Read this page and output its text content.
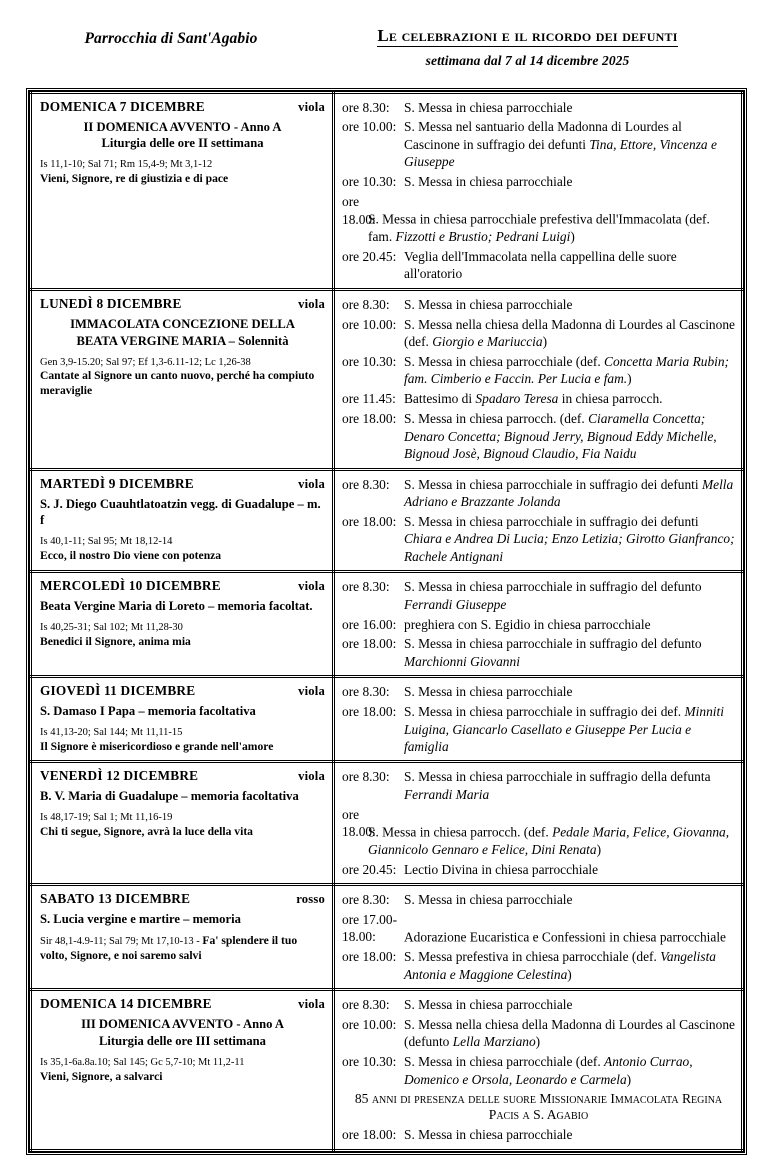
Parrocchia di Sant'Agabio	Le celebrazioni e il ricordo dei defunti
settimana dal 7 al 14 dicembre 2025
DOMENICA 7 DICEMBRE	viola
II DOMENICA AVVENTO - Anno A
Liturgia delle ore II settimana
Is 11,1-10; Sal 71; Rm 15,4-9; Mt 3,1-12
Vieni, Signore, re di giustizia e di pace

ore 8.30: S. Messa in chiesa parrocchiale
ore 10.00: S. Messa nel santuario della Madonna di Lourdes al Cascinone in suffragio dei defunti Tina, Ettore, Vincenza e Giuseppe
ore 10.30: S. Messa in chiesa parrocchiale
ore 18.00:S. Messa in chiesa parrocchiale prefestiva dell'Immacolata (def. fam. Fizzotti e Brustio; Pedrani Luigi)
ore 20.45: Veglia dell'Immacolata nella cappellina delle suore all'oratorio

LUNEDÌ 8 DICEMBRE	viola
IMMACOLATA CONCEZIONE DELLA
BEATA VERGINE MARIA – Solennità
Gen 3,9-15.20; Sal 97; Ef 1,3-6.11-12; Lc 1,26-38
Cantate al Signore un canto nuovo, perché ha compiuto meraviglie

ore 8.30: S. Messa in chiesa parrocchiale
ore 10.00: S. Messa nella chiesa della Madonna di Lourdes al Cascinone (def. Giorgio e Mariuccia)
ore 10.30: S. Messa in chiesa parrocchiale (def. Concetta Maria Rubin; fam. Cimberio e Faccin. Per Lucia e fam.)
ore 11.45: Battesimo di Spadaro Teresa in chiesa parrocch.
ore 18.00: S. Messa in chiesa parrocch. (def. Ciaramella Concetta; Denaro Concetta; Bignoud Jerry, Bignoud Eddy Michelle, Bignoud Josè, Bignoud Claudio, Fia Naidu

MARTEDÌ 9 DICEMBRE	viola
S. J. Diego Cuauhtlatoatzin vegg. di Guadalupe – m. f
Is 40,1-11; Sal 95; Mt 18,12-14
Ecco, il nostro Dio viene con potenza

ore 8.30: S. Messa in chiesa parrocchiale in suffragio dei defunti Mella Adriano e Brazzante Jolanda
ore 18.00: S. Messa in chiesa parrocchiale in suffragio dei defunti Chiara e Andrea Di Lucia; Enzo Letizia; Girotto Gianfranco; Rachele Antignani

MERCOLEDÌ 10 DICEMBRE	viola
Beata Vergine Maria di Loreto – memoria facoltat.
Is 40,25-31; Sal 102; Mt 11,28-30
Benedici il Signore, anima mia

ore 8.30: S. Messa in chiesa parrocchiale in suffragio del defunto Ferrandi Giuseppe
ore 16.00: preghiera con S. Egidio in chiesa parrocchiale
ore 18.00: S. Messa in chiesa parrocchiale in suffragio del defunto Marchionni Giovanni

GIOVEDÌ 11 DICEMBRE	viola
S. Damaso I Papa – memoria facoltativa
Is 41,13-20; Sal 144; Mt 11,11-15
Il Signore è misericordioso e grande nell'amore

ore 8.30: S. Messa in chiesa parrocchiale
ore 18.00: S. Messa in chiesa parrocchiale in suffragio dei def. Minniti Luigina, Giancarlo Casellato e Giuseppe Per Lucia e famiglia

VENERDÌ 12 DICEMBRE	viola
B. V. Maria di Guadalupe – memoria facoltativa
Is 48,17-19; Sal 1; Mt 11,16-19
Chi ti segue, Signore, avrà la luce della vita

ore 8.30: S. Messa in chiesa parrocchiale in suffragio della defunta Ferrandi Maria
ore 18.00:S. Messa in chiesa parrocch. (def. Pedale Maria, Felice, Giovanna, Giannicolo Gennaro e Felice, Dini Renata)
ore 20.45: Lectio Divina in chiesa parrocchiale

SABATO 13 DICEMBRE	rosso
S. Lucia vergine e martire – memoria
Sir 48,1-4.9-11; Sal 79; Mt 17,10-13 - Fa' splendere il tuo volto, Signore, e noi saremo salvi

ore 8.30: S. Messa in chiesa parrocchiale
ore 17.00-18.00: Adorazione Eucaristica e Confessioni in chiesa parrocchiale
ore 18.00: S. Messa prefestiva in chiesa parrocchiale (def. Vangelista Antonia e Maggione Celestina)

DOMENICA 14 DICEMBRE	viola
III DOMENICA AVVENTO - Anno A
Liturgia delle ore III settimana
Is 35,1-6a.8a.10; Sal 145; Gc 5,7-10; Mt 11,2-11
Vieni, Signore, a salvarci

ore 8.30: S. Messa in chiesa parrocchiale
ore 10.00: S. Messa nella chiesa della Madonna di Lourdes al Cascinone (defunto Lella Marziano)
ore 10.30: S. Messa in chiesa parrocchiale (def. Antonio Currao, Domenico e Orsola, Leonardo e Carmela)
85 anni di presenza delle suore Missionarie Immacolata Regina Pacis a S. Agabio
ore 18.00: S. Messa in chiesa parrocchiale
